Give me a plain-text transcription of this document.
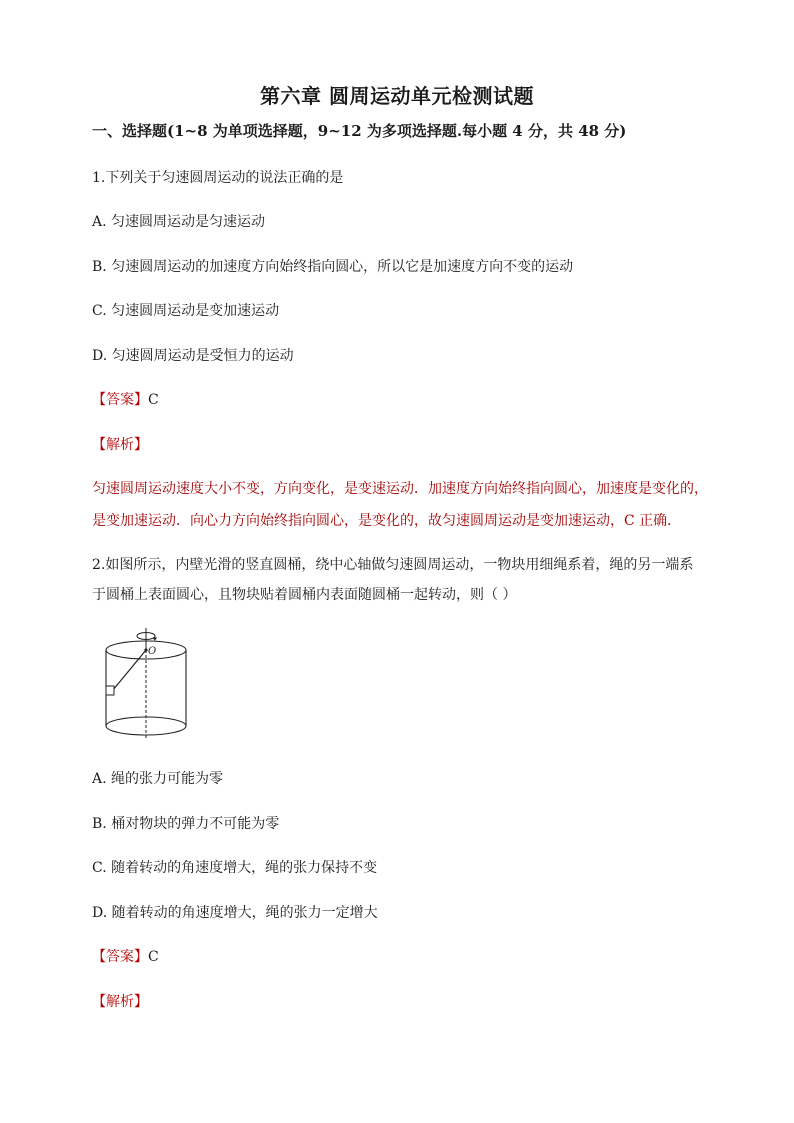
第六章 圆周运动单元检测试题
一、选择题(1~8 为单项选择题，9~12 为多项选择题.每小题 4 分，共 48 分)
1.下列关于匀速圆周运动的说法正确的是
A. 匀速圆周运动是匀速运动
B. 匀速圆周运动的加速度方向始终指向圆心，所以它是加速度方向不变的运动
C. 匀速圆周运动是变加速运动
D. 匀速圆周运动是受恒力的运动
【答案】C
【解析】
匀速圆周运动速度大小不变，方向变化，是变速运动．加速度方向始终指向圆心，加速度是变化的，
是变加速运动．向心力方向始终指向圆心，是变化的，故匀速圆周运动是变加速运动，C 正确．
2.如图所示，内壁光滑的竖直圆桶，绕中心轴做匀速圆周运动，一物块用细绳系着，绳的另一端系
于圆桶上表面圆心，且物块贴着圆桶内表面随圆桶一起转动，则（ ）
O
A. 绳的张力可能为零
B. 桶对物块的弹力不可能为零
C. 随着转动的角速度增大，绳的张力保持不变
D. 随着转动的角速度增大，绳的张力一定增大
【答案】C
【解析】
